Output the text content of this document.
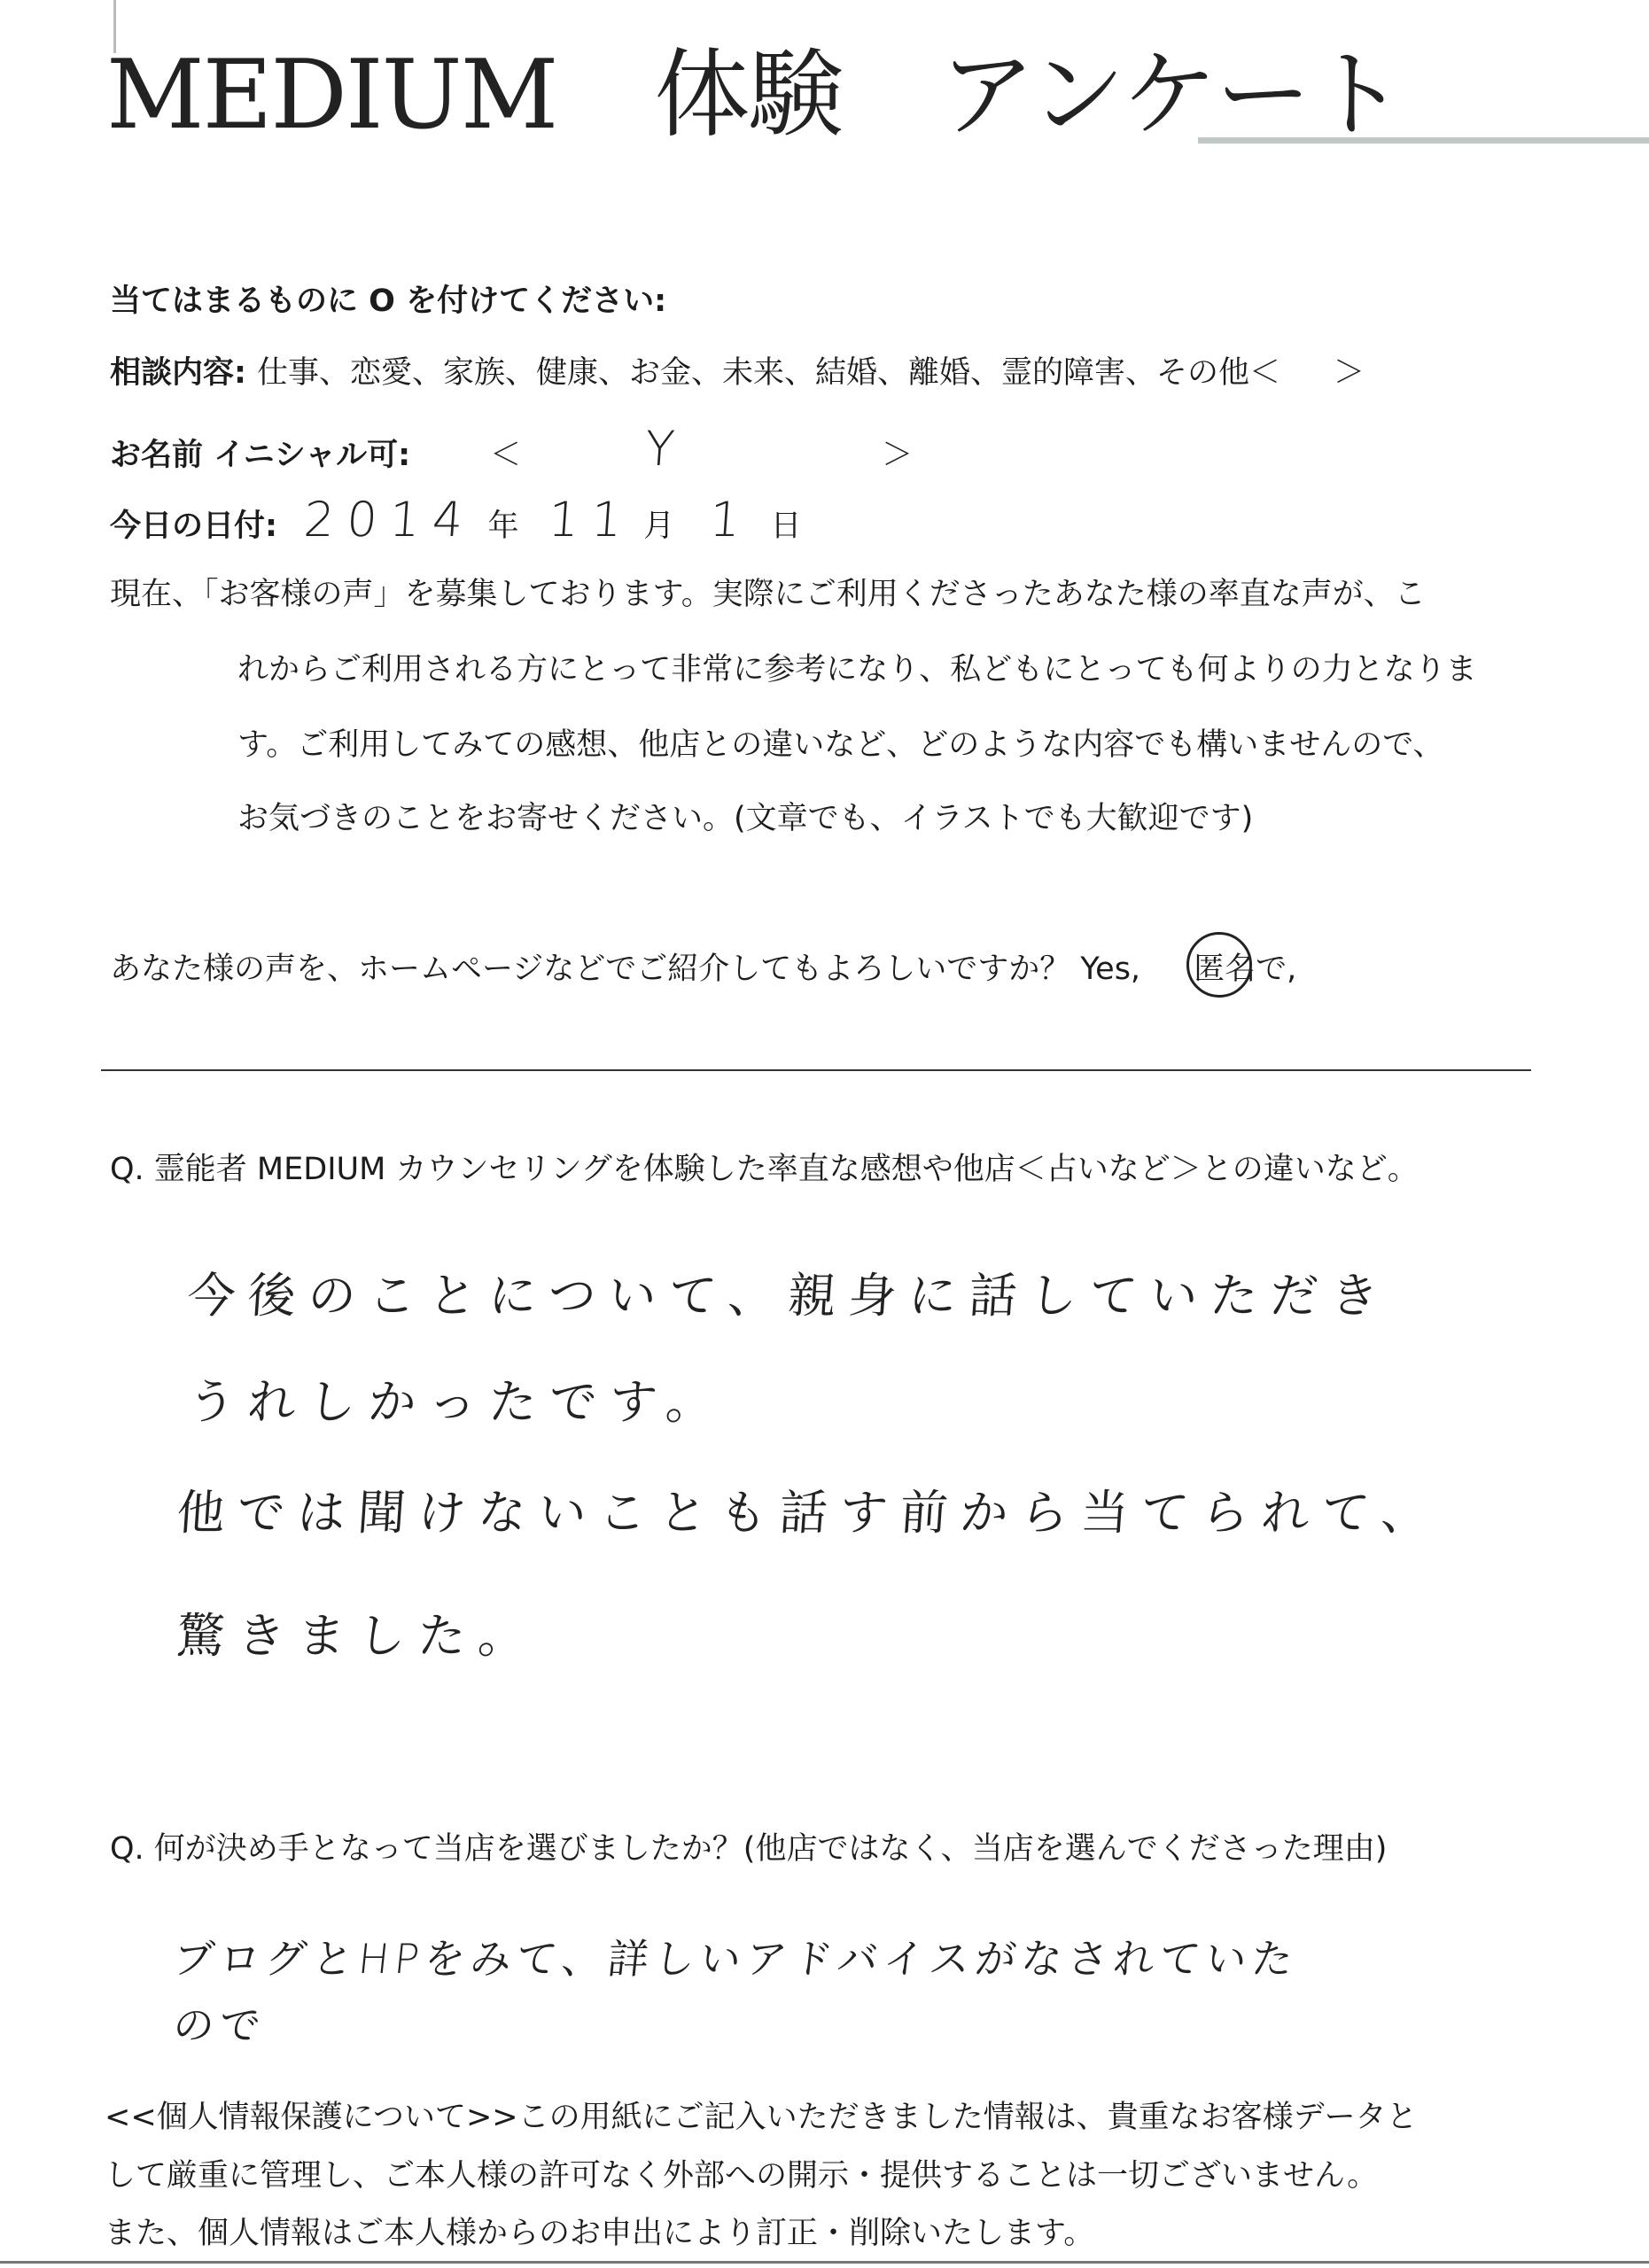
MEDIUM 体験 アンケート
当てはまるものに O を付けてください:
相談内容: 仕事、恋愛、家族、健康、お金、未来、結婚、離婚、霊的障害、その他＜ ＞
お名前 イニシャル可:	＜	Y	＞
今日の日付: 2014 年 11 月 1 日
現在、「お客様の声」を募集しております。実際にご利用くださったあなた様の率直な声が、こ
れからご利用される方にとって非常に参考になり、私どもにとっても何よりの力となりま
す。ご利用してみての感想、他店との違いなど、どのような内容でも構いませんので、
お気づきのことをお寄せください。(文章でも、イラストでも大歓迎です)
あなた様の声を、ホームページなどでご紹介してもよろしいですか？ Yes, 匿名で,
Q. 霊能者 MEDIUM カウンセリングを体験した率直な感想や他店＜占いなど＞との違いなど。
今後のことについて、親身に話していただき
うれしかったです。
他では聞けないことも話す前から当てられて、
驚きました。
Q. 何が決め手となって当店を選びましたか？(他店ではなく、当店を選んでくださった理由)
ブログとHPをみて、詳しいアドバイスがなされていた
ので
<<個人情報保護について>>この用紙にご記入いただきました情報は、貴重なお客様データと
して厳重に管理し、ご本人様の許可なく外部への開示・提供することは一切ございません。
また、個人情報はご本人様からのお申出により訂正・削除いたします。
